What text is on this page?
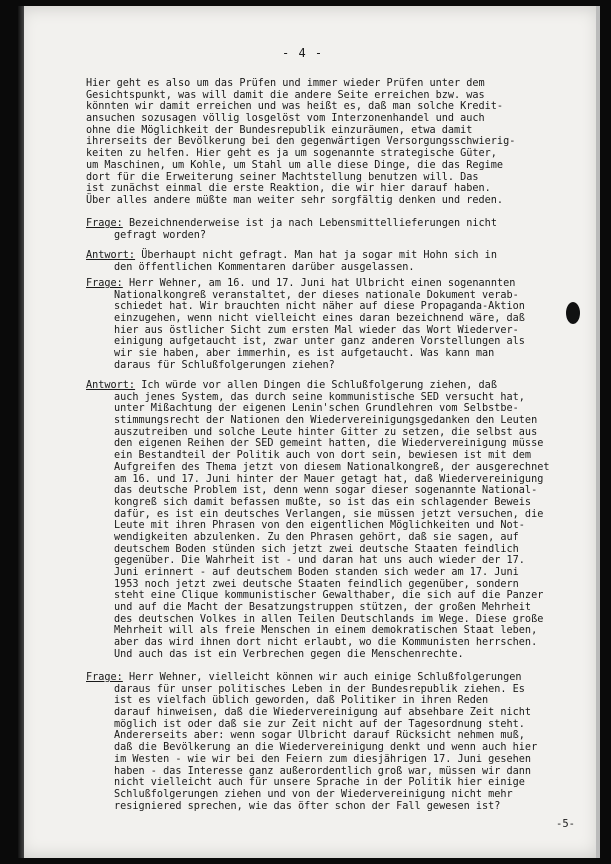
- 4 -
Hier geht es also um das Prüfen und immer wieder Prüfen unter dem
Gesichtspunkt, was will damit die andere Seite erreichen bzw. was
könnten wir damit erreichen und was heißt es, daß man solche Kredit-
ansuchen sozusagen völlig losgelöst vom Interzonenhandel und auch
ohne die Möglichkeit der Bundesrepublik einzuräumen, etwa damit
ihrerseits der Bevölkerung bei den gegenwärtigen Versorgungsschwierig-
keiten zu helfen. Hier geht es ja um sogenannte strategische Güter,
um Maschinen, um Kohle, um Stahl um alle diese Dinge, die das Regime
dort für die Erweiterung seiner Machtstellung benutzen will. Das
ist zunächst einmal die erste Reaktion, die wir hier darauf haben.
Über alles andere müßte man weiter sehr sorgfältig denken und reden.
Frage: Bezeichnenderweise ist ja nach Lebensmittellieferungen nicht
gefragt worden?
Antwort: Überhaupt nicht gefragt. Man hat ja sogar mit Hohn sich in
den öffentlichen Kommentaren darüber ausgelassen.
Frage: Herr Wehner, am 16. und 17. Juni hat Ulbricht einen sogenannten
Nationalkongreß veranstaltet, der dieses nationale Dokument verab-
schiedet hat. Wir brauchten nicht näher auf diese Propaganda-Aktion
einzugehen, wenn nicht vielleicht eines daran bezeichnend wäre, daß
hier aus östlicher Sicht zum ersten Mal wieder das Wort Wiederver-
einigung aufgetaucht ist, zwar unter ganz anderen Vorstellungen als
wir sie haben, aber immerhin, es ist aufgetaucht. Was kann man
daraus für Schlußfolgerungen ziehen?
Antwort: Ich würde vor allen Dingen die Schlußfolgerung ziehen, daß
auch jenes System, das durch seine kommunistische SED versucht hat,
unter Mißachtung der eigenen Lenin'schen Grundlehren vom Selbstbe-
stimmungsrecht der Nationen den Wiedervereinigungsgedanken den Leuten
auszutreiben und solche Leute hinter Gitter zu setzen, die selbst aus
den eigenen Reihen der SED gemeint hatten, die Wiedervereinigung müsse
ein Bestandteil der Politik auch von dort sein, bewiesen ist mit dem
Aufgreifen des Thema jetzt von diesem Nationalkongreß, der ausgerechnet
am 16. und 17. Juni hinter der Mauer getagt hat, daß Wiedervereinigung
das deutsche Problem ist, denn wenn sogar dieser sogenannte National-
kongreß sich damit befassen mußte, so ist das ein schlagender Beweis
dafür, es ist ein deutsches Verlangen, sie müssen jetzt versuchen, die
Leute mit ihren Phrasen von den eigentlichen Möglichkeiten und Not-
wendigkeiten abzulenken. Zu den Phrasen gehört, daß sie sagen, auf
deutschem Boden stünden sich jetzt zwei deutsche Staaten feindlich
gegenüber. Die Wahrheit ist - und daran hat uns auch wieder der 17.
Juni erinnert - auf deutschem Boden standen sich weder am 17. Juni
1953 noch jetzt zwei deutsche Staaten feindlich gegenüber, sondern
steht eine Clique kommunistischer Gewalthaber, die sich auf die Panzer
und auf die Macht der Besatzungstruppen stützen, der großen Mehrheit
des deutschen Volkes in allen Teilen Deutschlands im Wege. Diese große
Mehrheit will als freie Menschen in einem demokratischen Staat leben,
aber das wird ihnen dort nicht erlaubt, wo die Kommunisten herrschen.
Und auch das ist ein Verbrechen gegen die Menschenrechte.
Frage: Herr Wehner, vielleicht können wir auch einige Schlußfolgerungen
daraus für unser politisches Leben in der Bundesrepublik ziehen. Es
ist es vielfach üblich geworden, daß Politiker in ihren Reden
darauf hinweisen, daß die Wiedervereinigung auf absehbare Zeit nicht
möglich ist oder daß sie zur Zeit nicht auf der Tagesordnung steht.
Andererseits aber: wenn sogar Ulbricht darauf Rücksicht nehmen muß,
daß die Bevölkerung an die Wiedervereinigung denkt und wenn auch hier
im Westen - wie wir bei den Feiern zum diesjährigen 17. Juni gesehen
haben - das Interesse ganz außerordentlich groß war, müssen wir dann
nicht vielleicht auch für unsere Sprache in der Politik hier einige
Schlußfolgerungen ziehen und von der Wiedervereinigung nicht mehr
resigniered sprechen, wie das öfter schon der Fall gewesen ist?
-5-
